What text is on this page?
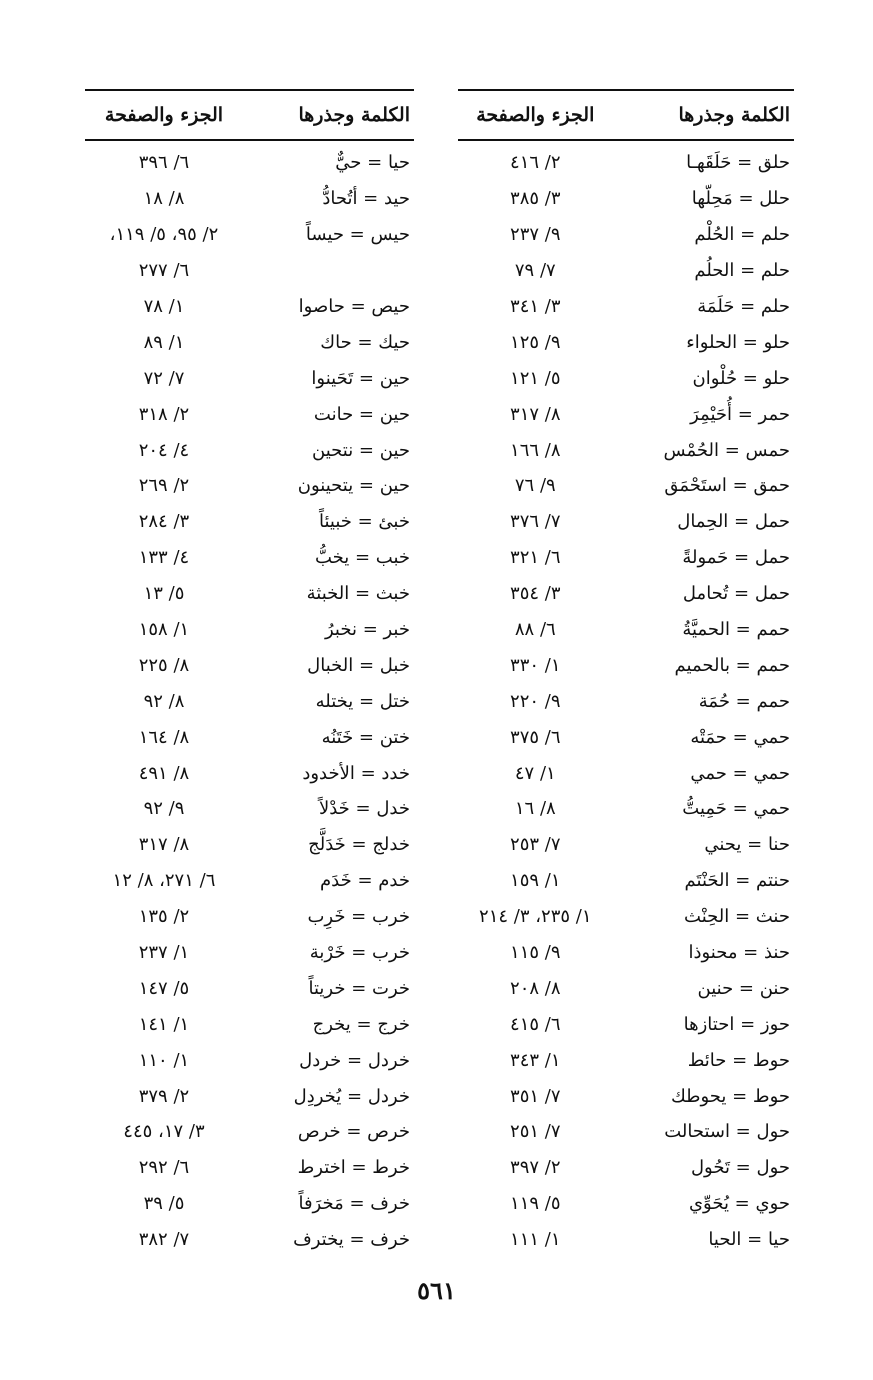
الكلمة وجذرها
الجزء والصفحة
حلق = حَلَقَهـا
٢/ ٤١٦
حلل = مَحِلّها
٣/ ٣٨٥
حلم = الحُلْم
٩/ ٢٣٧
حلم = الحلُم
٧/ ٧٩
حلم = حَلَمَة
٣/ ٣٤١
حلو = الحلواء
٩/ ١٢٥
حلو = حُلْوان
٥/ ١٢١
حمر = أُحَيْمِرَ
٨/ ٣١٧
حمس = الحُمْس
٨/ ١٦٦
حمق = استَحْمَق
٩/ ٧٦
حمل = الحِمال
٧/ ٣٧٦
حمل = حَمولةً
٦/ ٣٢١
حمل = تُحامل
٣/ ٣٥٤
حمم = الحميَّةُ
٦/ ٨٨
حمم = بالحميم
١/ ٣٣٠
حمم = حُمَة
٩/ ٢٢٠
حمي = حمَتْه
٦/ ٣٧٥
حمي = حمي
١/ ٤٧
حمي = حَمِيتُّ
٨/ ١٦
حنا = يحني
٧/ ٢٥٣
حنتم = الحَنْتَم
١/ ١٥٩
حنث = الحِنْث
١/ ٢٣٥، ٣/ ٢١٤
حنذ = محنوذا
٩/ ١١٥
حنن = حنين
٨/ ٢٠٨
حوز = احتازها
٦/ ٤١٥
حوط = حائط
١/ ٣٤٣
حوط = يحوطك
٧/ ٣٥١
حول = استحالت
٧/ ٢٥١
حول = تَحُول
٢/ ٣٩٧
حوي = يُحَوِّي
٥/ ١١٩
حيا = الحيا
١/ ١١١
الكلمة وجذرها
الجزء والصفحة
حيا = حيٌّ
٦/ ٣٩٦
حيد = أتُحادُّ
٨/ ١٨
حيس = حيساً
٢/ ٩٥، ٥/ ١١٩،
٦/ ٢٧٧
حيص = حاصوا
١/ ٧٨
حيك = حاك
١/ ٨٩
حين = تَحَينوا
٧/ ٧٢
حين = حانت
٢/ ٣١٨
حين = نتحين
٤/ ٢٠٤
حين = يتحينون
٢/ ٢٦٩
خبئ = خبيئاً
٣/ ٢٨٤
خبب = يخبُّ
٤/ ١٣٣
خبث = الخبثة
٥/ ١٣
خبر = نخبرُ
١/ ١٥٨
خبل = الخبال
٨/ ٢٢٥
ختل = يختله
٨/ ٩٢
ختن = خَتَنُه
٨/ ١٦٤
خدد = الأخدود
٨/ ٤٩١
خدل = خَدْلاً
٩/ ٩٢
خدلج = خَدَلَّج
٨/ ٣١٧
خدم = خَدَم
٦/ ٢٧١، ٨/ ١٢
خرب = خَرِب
٢/ ١٣٥
خرب = خَرْبة
١/ ٢٣٧
خرت = خريتاً
٥/ ١٤٧
خرج = يخرج
١/ ١٤١
خردل = خردل
١/ ١١٠
خردل = يُخردِل
٢/ ٣٧٩
خرص = خرص
٣/ ١٧، ٤٤٥
خرط = اخترط
٦/ ٢٩٢
خرف = مَخرَفاً
٥/ ٣٩
خرف = يخترف
٧/ ٣٨٢
٥٦١
